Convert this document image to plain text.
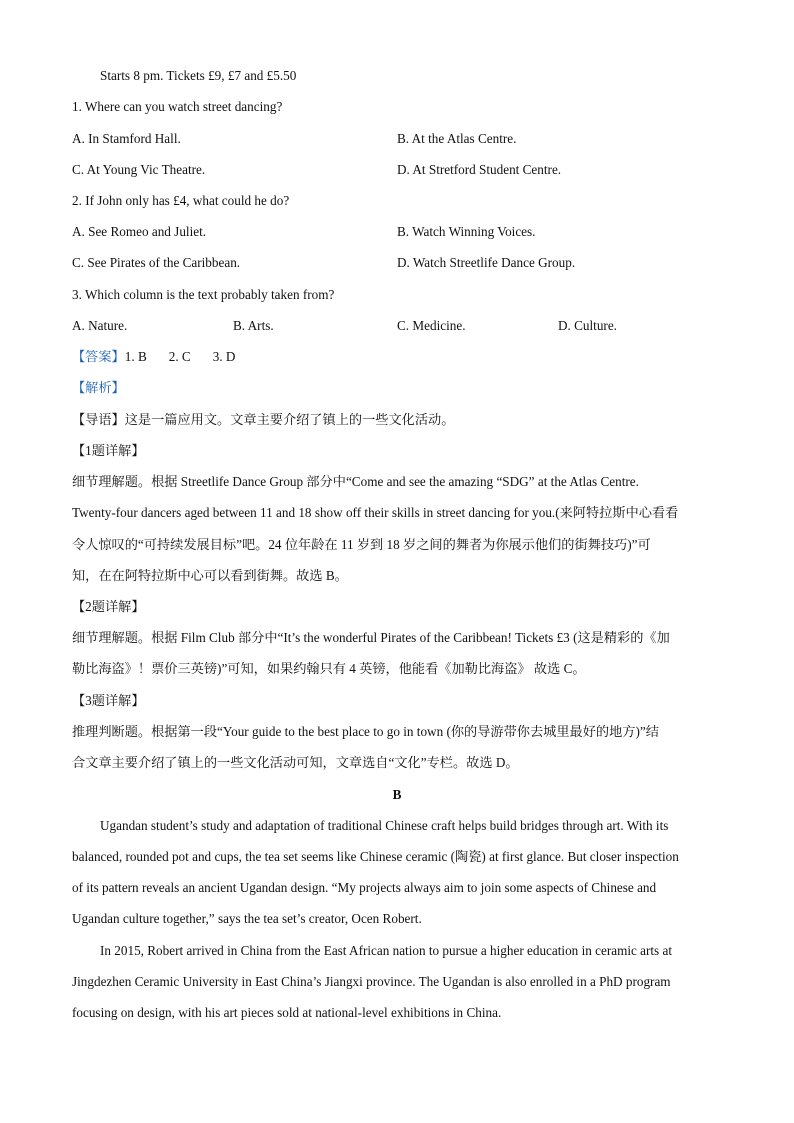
Starts 8 pm. Tickets £9, £7 and £5.50
1. Where can you watch street dancing?
A. In Stamford Hall.	B. At the Atlas Centre.
C. At Young Vic Theatre.	D. At Stretford Student Centre.
2. If John only has £4, what could he do?
A. See Romeo and Juliet.	B. Watch Winning Voices.
C. See Pirates of the Caribbean.	D. Watch Streetlife Dance Group.
3. Which column is the text probably taken from?
A. Nature.	B. Arts.	C. Medicine.	D. Culture.
【答案】1. B 2. C 3. D
【解析】
【导语】这是一篇应用文。文章主要介绍了镇上的一些文化活动。
【1题详解】
细节理解题。根据 Streetlife Dance Group 部分中“Come and see the amazing “SDG” at the Atlas Centre.
Twenty-four dancers aged between 11 and 18 show off their skills in street dancing for you.(来阿特拉斯中心看看
令人惊叹的“可持续发展目标”吧。24 位年龄在 11 岁到 18 岁之间的舞者为你展示他们的街舞技巧)”可
知，在在阿特拉斯中心可以看到街舞。故选 B。
【2题详解】
细节理解题。根据 Film Club 部分中“It’s the wonderful Pirates of the Caribbean! Tickets £3 (这是精彩的《加
勒比海盗》！票价三英镑)”可知，如果约翰只有 4 英镑，他能看《加勒比海盗》 故选 C。
【3题详解】
推理判断题。根据第一段“Your guide to the best place to go in town (你的导游带你去城里最好的地方)”结
合文章主要介绍了镇上的一些文化活动可知，文章选自“文化”专栏。故选 D。
B
Ugandan student’s study and adaptation of traditional Chinese craft helps build bridges through art. With its
balanced, rounded pot and cups, the tea set seems like Chinese ceramic (陶瓷) at first glance. But closer inspection
of its pattern reveals an ancient Ugandan design. “My projects always aim to join some aspects of Chinese and
Ugandan culture together,” says the tea set’s creator, Ocen Robert.
In 2015, Robert arrived in China from the East African nation to pursue a higher education in ceramic arts at
Jingdezhen Ceramic University in East China’s Jiangxi province. The Ugandan is also enrolled in a PhD program
focusing on design, with his art pieces sold at national-level exhibitions in China.
